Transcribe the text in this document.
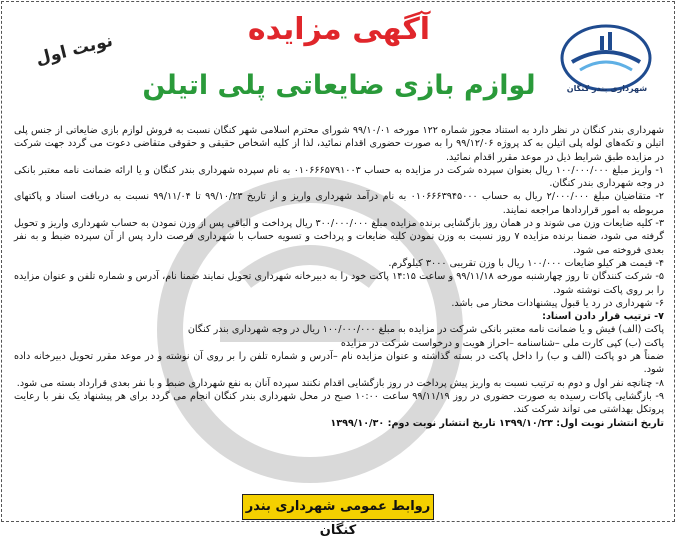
نوبت اول
آگهی مزایده
لوازم بازی ضایعاتی پلی اتیلن	شهرداری بندر کنگان

شهرداری بندر کنگان در نظر دارد به استناد مجوز شماره ۱۲۲ مورخه ۹۹/۱۰/۰۱ شورای محترم اسلامی شهر کنگان نسبت به فروش لوازم بازی ضایعاتی از جنس پلی اتیلن و تکه‌های لوله پلی اتیلن به کد پروژه ۹۹/۱۲/۰۶ را به صورت حضوری اقدام نمائید، لذا از کلیه اشخاص حقیقی و حقوقی متقاضی دعوت می گردد جهت شرکت در مزایده طبق شرایط ذیل در موعد مقرر اقدام نمائید.

۱- واریز مبلغ ۱۰۰/۰۰۰/۰۰۰ ریال بعنوان سپرده شرکت در مزایده به حساب ۰۱۰۶۶۶۵۷۹۱۰۰۳ به نام سپرده شهرداری بندر کنگان و یا ارائه ضمانت نامه معتبر بانکی در وجه شهرداری بندر کنگان.

۲- متقاضیان مبلغ ۲/۰۰۰/۰۰۰ ریال به حساب ۰۱۰۶۶۶۳۹۴۵۰۰۰ به نام درآمد شهرداری واریز و از تاریخ ۹۹/۱۰/۲۳ تا ۹۹/۱۱/۰۴ نسبت به دریافت اسناد و پاکتهای مربوطه به امور قراردادها مراجعه نمایند.

۳- کلیه ضایعات وزن می شوند و در همان روز بازگشایی برنده مزایده مبلغ ۳۰۰/۰۰۰/۰۰۰ ریال پرداخت و الباقی پس از وزن نمودن به حساب شهرداری واریز و تحویل گرفته می شود، ضمنا برنده مزایده ۷ روز نسبت به وزن نمودن کلیه ضایعات و پرداخت و تسویه حساب با شهرداری فرصت دارد پس از آن سپرده ضبط و به نفر بعدی فروخته می شود.

۴- قیمت هر کیلو ضایعات ۱۰۰/۰۰۰ ریال با وزن تقریبی ۳۰۰۰ کیلوگرم.

۵- شرکت کنندگان تا روز چهارشنبه مورخه ۹۹/۱۱/۱۸ و ساعت ۱۴:۱۵ پاکت خود را به دبیرخانه شهرداری تحویل نمایند ضمنا نام، آدرس و شماره تلفن و عنوان مزایده را بر روی پاکت نوشته شود.

۶- شهرداری در رد یا قبول پیشنهادات مختار می باشد.

۷- ترتیب قرار دادن اسناد:

پاکت (الف) فیش و یا ضمانت نامه معتبر بانکی شرکت در مزایده به مبلغ ۱۰۰/۰۰۰/۰۰۰ ریال در وجه شهرداری بندر کنگان

پاکت (ب) کپی کارت ملی –شناسنامه –احراز هویت و درخواست شرکت در مزایده

ضمناً هر دو پاکت (الف و ب) را داخل پاکت در بسته گذاشته و عنوان مزایده نام –آدرس و شماره تلفن را بر روی آن نوشته و در موعد مقرر تحویل دبیرخانه داده شود.

۸- چنانچه نفر اول و دوم به ترتیب نسبت به واریز پیش پرداخت در روز بازگشایی اقدام نکنند سپرده آنان به نفع شهرداری ضبط و با نفر بعدی قرارداد بسته می شود.

۹- بازگشایی پاکات رسیده به صورت حضوری در روز ۹۹/۱۱/۱۹ ساعت ۱۰:۰۰ صبح در محل شهرداری بندر کنگان انجام می گردد برای هر پیشنهاد یک نفر با رعایت پروتکل بهداشتی می تواند شرکت کند.

تاریخ انتشار نوبت اول: ۱۳۹۹/۱۰/۲۳ تاریخ انتشار نوبت دوم: ۱۳۹۹/۱۰/۳۰

روابط عمومی شهرداری بندر کنگان
